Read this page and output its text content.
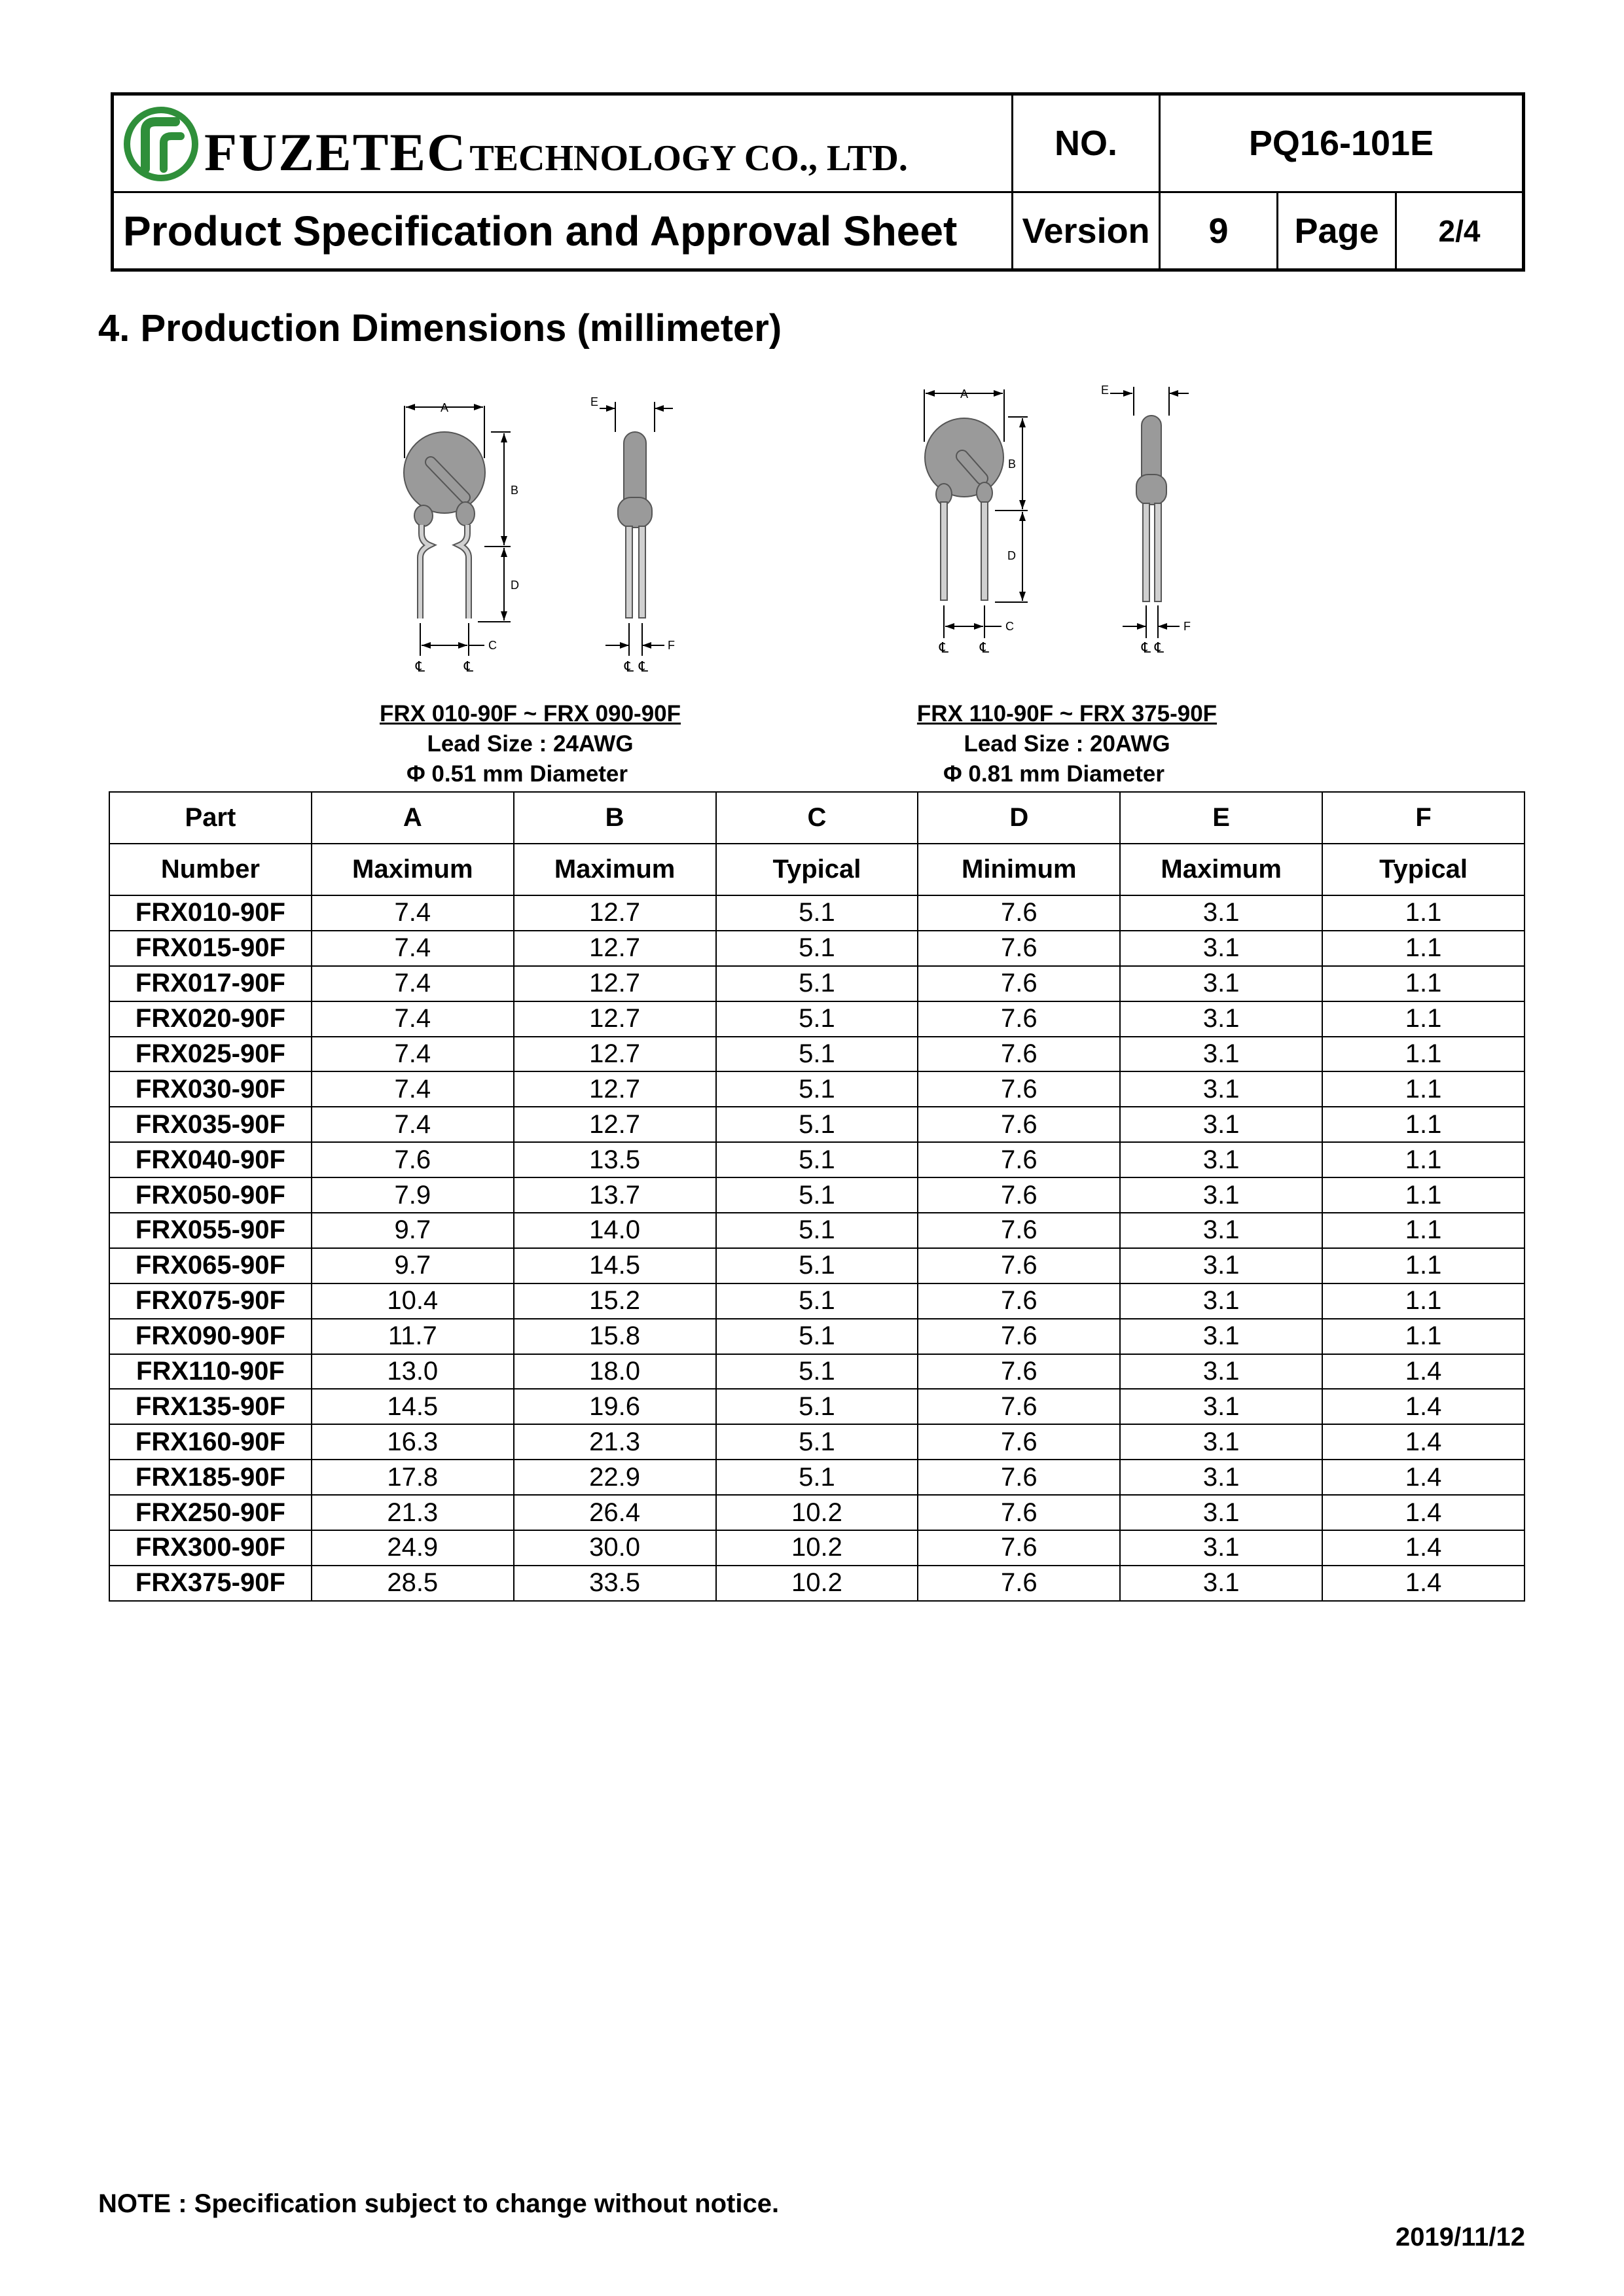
FUZETEC TECHNOLOGY CO., LTD.
Product Specification and Approval Sheet
NO.	PQ16-101E
Version	9	Page	2/4
4. Production Dimensions (millimeter)
A
B
D
C
℄	℄
E
F
℄ ℄
A
B
D
C
℄ ℄
E
F
℄ ℄
FRX 010-90F ~ FRX 090-90F
Lead Size : 24AWG
Φ 0.51 mm Diameter
FRX 110-90F ~ FRX 375-90F
Lead Size : 20AWG
Φ 0.81 mm Diameter
Part	A	B	C	D	E	F
Number	Maximum	Maximum	Typical	Minimum	Maximum	Typical
FRX010-90F	7.4	12.7	5.1	7.6	3.1	1.1
FRX015-90F	7.4	12.7	5.1	7.6	3.1	1.1
FRX017-90F	7.4	12.7	5.1	7.6	3.1	1.1
FRX020-90F	7.4	12.7	5.1	7.6	3.1	1.1
FRX025-90F	7.4	12.7	5.1	7.6	3.1	1.1
FRX030-90F	7.4	12.7	5.1	7.6	3.1	1.1
FRX035-90F	7.4	12.7	5.1	7.6	3.1	1.1
FRX040-90F	7.6	13.5	5.1	7.6	3.1	1.1
FRX050-90F	7.9	13.7	5.1	7.6	3.1	1.1
FRX055-90F	9.7	14.0	5.1	7.6	3.1	1.1
FRX065-90F	9.7	14.5	5.1	7.6	3.1	1.1
FRX075-90F	10.4	15.2	5.1	7.6	3.1	1.1
FRX090-90F	11.7	15.8	5.1	7.6	3.1	1.1
FRX110-90F	13.0	18.0	5.1	7.6	3.1	1.4
FRX135-90F	14.5	19.6	5.1	7.6	3.1	1.4
FRX160-90F	16.3	21.3	5.1	7.6	3.1	1.4
FRX185-90F	17.8	22.9	5.1	7.6	3.1	1.4
FRX250-90F	21.3	26.4	10.2	7.6	3.1	1.4
FRX300-90F	24.9	30.0	10.2	7.6	3.1	1.4
FRX375-90F	28.5	33.5	10.2	7.6	3.1	1.4
NOTE : Specification subject to change without notice.
2019/11/12
